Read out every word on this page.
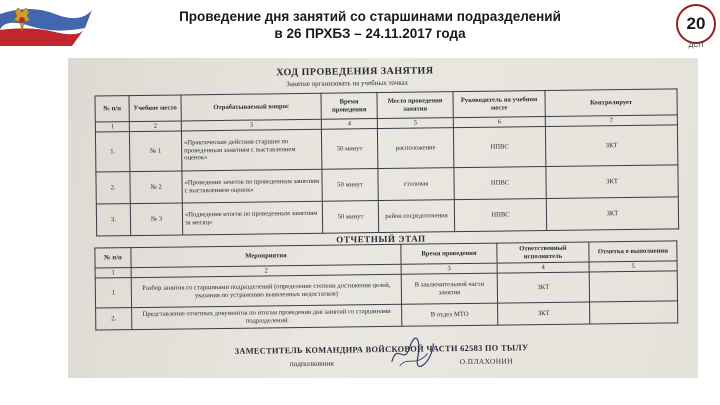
Проведение дня занятий со старшинами подразделений
в 26 ПРХБЗ – 24.11.2017 года
20
ДСП
ХОД ПРОВЕДЕНИЯ ЗАНЯТИЯ
Занятие организовать на учебных точках
№ п/п	Учебное место	Отрабатываемый вопрос	Время проведения	Место проведения занятия	Руководитель на учебном месте	Контролирует
1	2	3	4	5	6	7
1.	№ 1	«Практические действия старшин по проведенным занятиям с выставлением оценок»	50 минут	расположение	НПВС	ЗКТ
2.	№ 2	«Проведение зачетов по проведенным занятиям с выставлением оценок»	50 минут	столовая	НПВС	ЗКТ
3.	№ 3	«Подведение итогов по проведенным занятиям за месяц»	50 минут	район сосредоточения	НПВС	ЗКТ
ОТЧЕТНЫЙ ЭТАП
№ п/п	Мероприятия	Время проведения	Ответственный исполнитель	Отметка о выполнении
1	2	3	4	5
1	Разбор занятия со старшинами подразделений (определение степени достижения целей, указания по устранению выявленных недостатков)	В заключительной части занятия	ЗКТ	
2.	Представление отчетных документов по итогам проведения дня занятий со старшинами подразделений	В отдел МТО	ЗКТ	
ЗАМЕСТИТЕЛЬ КОМАНДИРА ВОЙСКОВОЙ ЧАСТИ 62583 ПО ТЫЛУ
подполковник	О.ПЛАХОНИН
